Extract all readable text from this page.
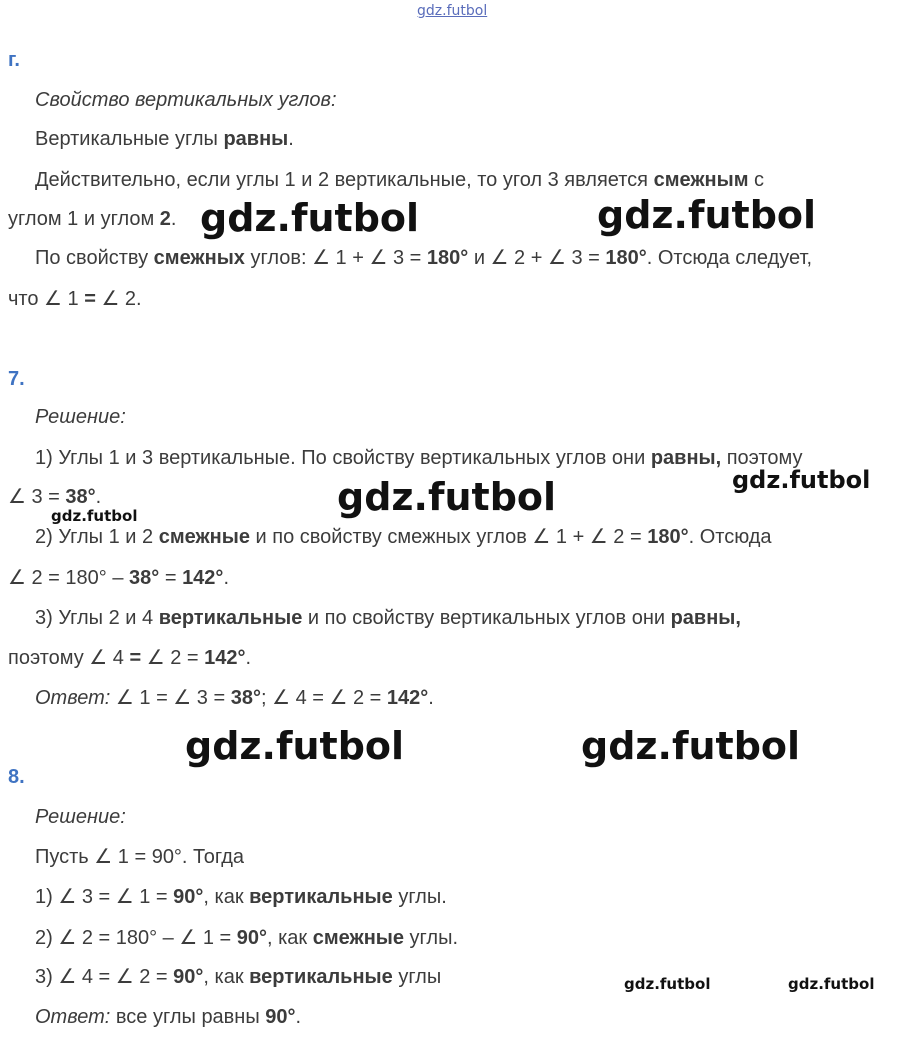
gdz.futbol
г.
Свойство вертикальных углов:
Вертикальные углы равны.
Действительно, если углы 1 и 2 вертикальные, то угол 3 является смежным с
углом 1 и углом 2.
По свойству смежных углов: ∠ 1 + ∠ 3 = 180° и ∠ 2 + ∠ 3 = 180°. Отсюда следует,
что ∠ 1 = ∠ 2.
7.
Решение:
1) Углы 1 и 3 вертикальные. По свойству вертикальных углов они равны, поэтому
∠ 3 = 38°.
2) Углы 1 и 2 смежные и по свойству смежных углов ∠ 1 + ∠ 2 = 180°. Отсюда
∠ 2 = 180° – 38° = 142°.
3) Углы 2 и 4 вертикальные и по свойству вертикальных углов они равны,
поэтому ∠ 4 = ∠ 2 = 142°.
Ответ: ∠ 1 = ∠ 3 = 38°; ∠ 4 = ∠ 2 = 142°.
8.
Решение:
Пусть ∠ 1 = 90°. Тогда
1) ∠ 3 = ∠ 1 = 90°, как вертикальные углы.
2) ∠ 2 = 180° – ∠ 1 = 90°, как смежные углы.
3) ∠ 4 = ∠ 2 = 90°, как вертикальные углы
Ответ: все углы равны 90°.
gdz.futbol	gdz.futbol
gdz.futbol	gdz.futbol
gdz.futbol
gdz.futbol	gdz.futbol
gdz.futbol	gdz.futbol
